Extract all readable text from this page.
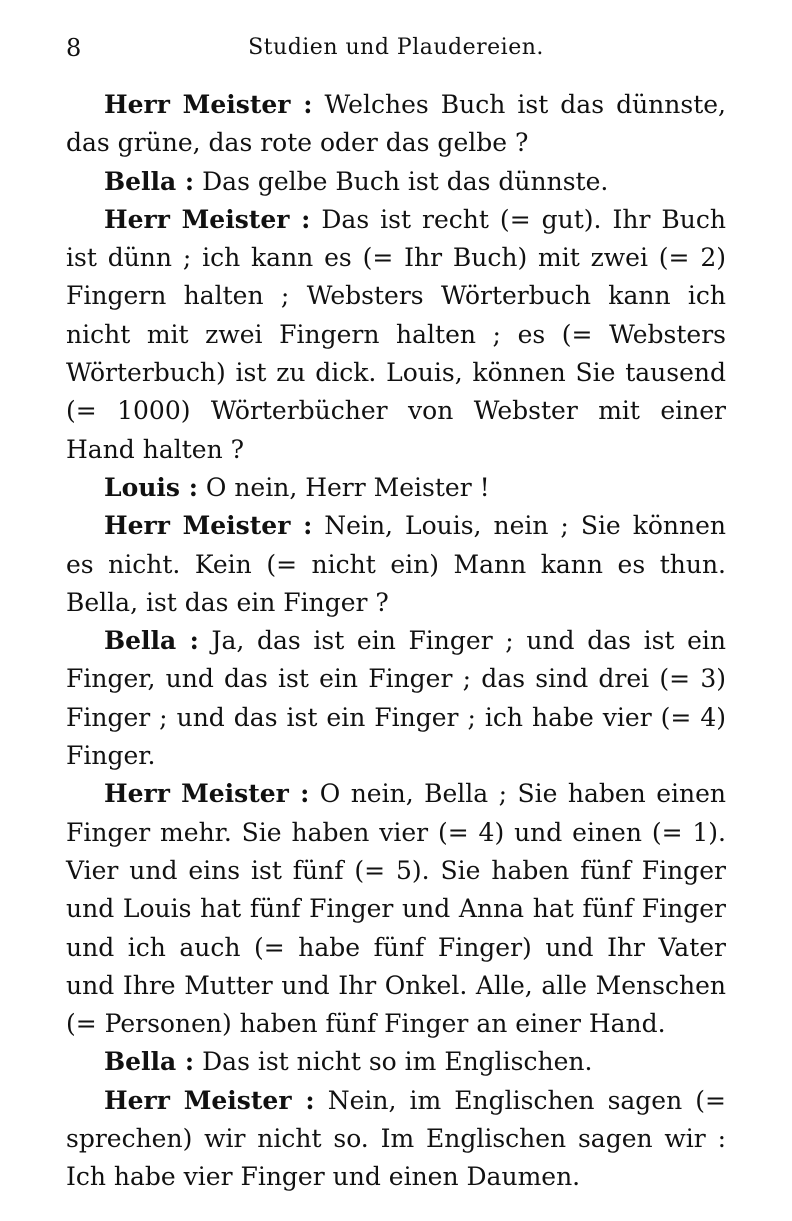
8	Studien und Plaudereien.

Herr Meister : Welches Buch ist das dünnste, das grüne, das rote oder das gelbe ?

Bella : Das gelbe Buch ist das dünnste.

Herr Meister : Das ist recht (= gut). Ihr Buch ist dünn ; ich kann es (= Ihr Buch) mit zwei (= 2) Fingern halten ; Websters Wörterbuch kann ich nicht mit zwei Fingern halten ; es (= Websters Wörterbuch) ist zu dick. Louis, können Sie tausend (= 1000) Wörterbücher von Webster mit einer Hand halten ?

Louis : O nein, Herr Meister !

Herr Meister : Nein, Louis, nein ; Sie können es nicht. Kein (= nicht ein) Mann kann es thun. Bella, ist das ein Finger ?

Bella : Ja, das ist ein Finger ; und das ist ein Finger, und das ist ein Finger ; das sind drei (= 3) Finger ; und das ist ein Finger ; ich habe vier (= 4) Finger.

Herr Meister : O nein, Bella ; Sie haben einen Finger mehr. Sie haben vier (= 4) und einen (= 1). Vier und eins ist fünf (= 5). Sie haben fünf Finger und Louis hat fünf Finger und Anna hat fünf Finger und ich auch (= habe fünf Finger) und Ihr Vater und Ihre Mutter und Ihr Onkel. Alle, alle Menschen (= Personen) haben fünf Finger an einer Hand.

Bella : Das ist nicht so im Englischen.

Herr Meister : Nein, im Englischen sagen (= sprechen) wir nicht so. Im Englischen sagen wir : Ich habe vier Finger und einen Daumen.
